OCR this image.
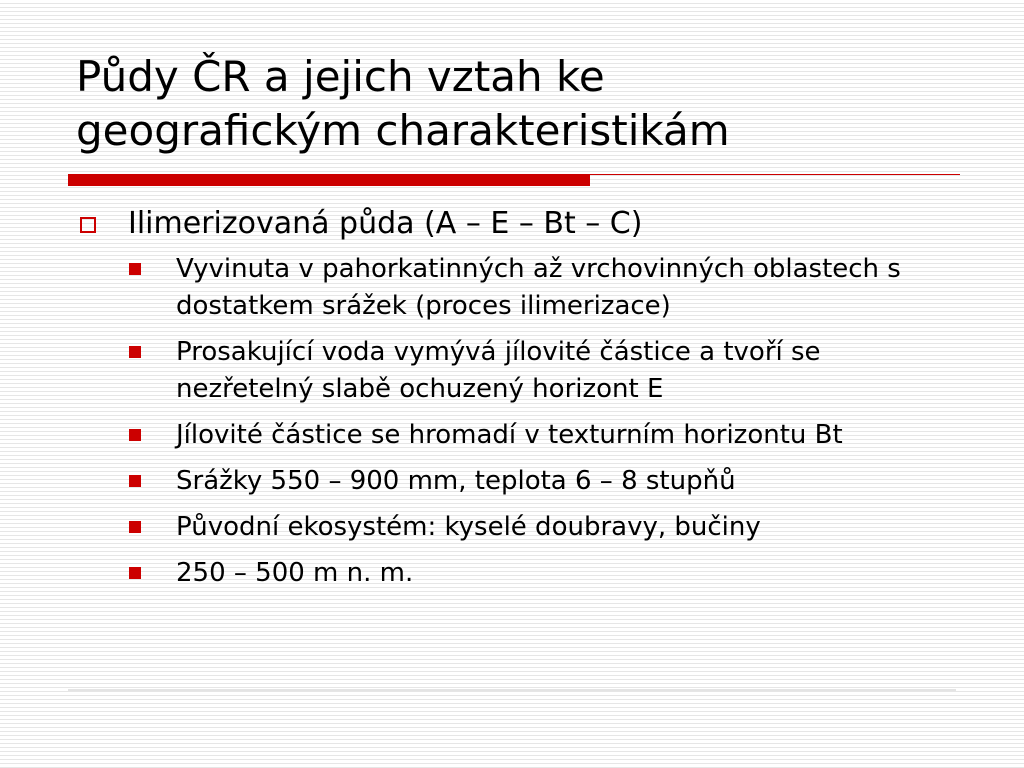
Půdy ČR a jejich vztah ke
geografickým charakteristikám
Ilimerizovaná půda (A – E – Bt – C)
Vyvinuta v pahorkatinných až vrchovinných oblastech s dostatkem srážek (proces ilimerizace)
Prosakující voda vymývá jílovité částice a tvoří se nezřetelný slabě ochuzený horizont E
Jílovité částice se hromadí v texturním horizontu Bt
Srážky 550 – 900 mm, teplota 6 – 8 stupňů
Původní ekosystém: kyselé doubravy, bučiny
250 – 500 m n. m.
